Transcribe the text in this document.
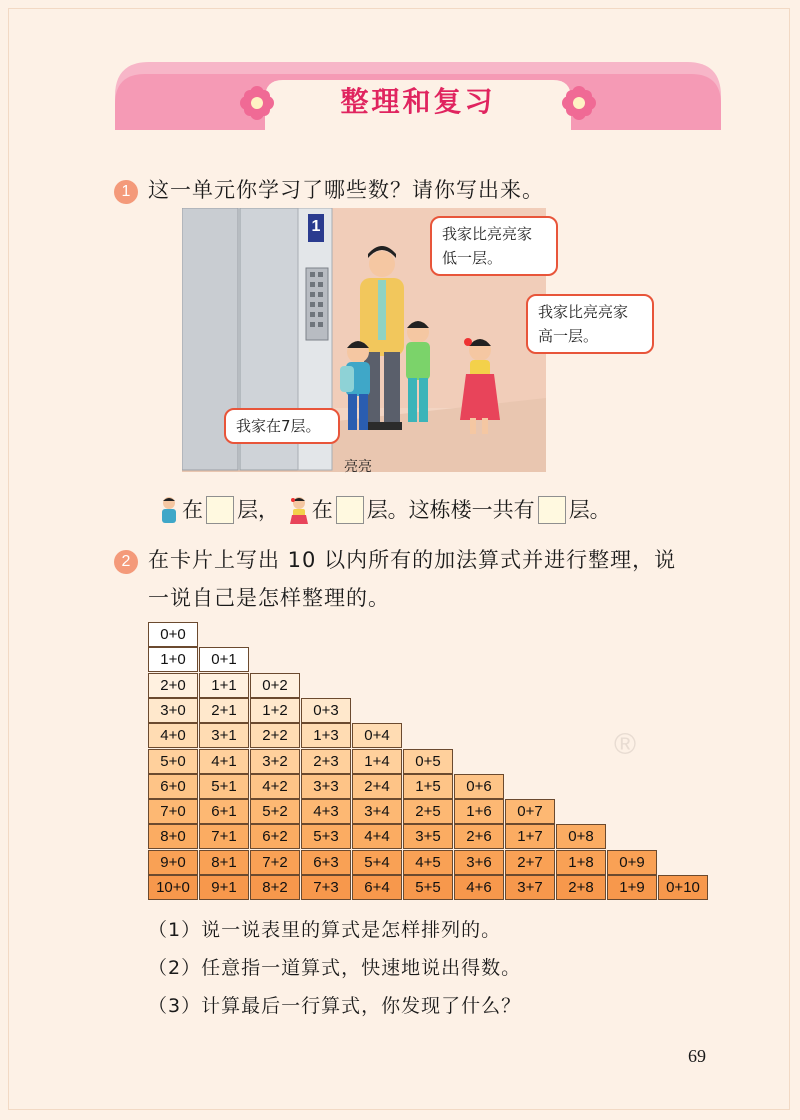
整理和复习
1 这一单元你学习了哪些数？请你写出来。
1	我家比亮亮家
低一层。
我家比亮亮家
高一层。
我家在7层。
亮亮
在 层， 在 层。这栋楼一共有 层。
2 在卡片上写出 10 以内所有的加法算式并进行整理，说
一说自己是怎样整理的。
®
0+0
1+0	0+1
2+0	1+1	0+2
3+0	2+1	1+2	0+3
4+0	3+1	2+2	1+3	0+4
5+0	4+1	3+2	2+3	1+4	0+5
6+0	5+1	4+2	3+3	2+4	1+5	0+6
7+0	6+1	5+2	4+3	3+4	2+5	1+6	0+7
8+0	7+1	6+2	5+3	4+4	3+5	2+6	1+7	0+8
9+0	8+1	7+2	6+3	5+4	4+5	3+6	2+7	1+8	0+9
10+0	9+1	8+2	7+3	6+4	5+5	4+6	3+7	2+8	1+9	0+10
（1）说一说表里的算式是怎样排列的。
（2）任意指一道算式，快速地说出得数。
（3）计算最后一行算式，你发现了什么？
69
